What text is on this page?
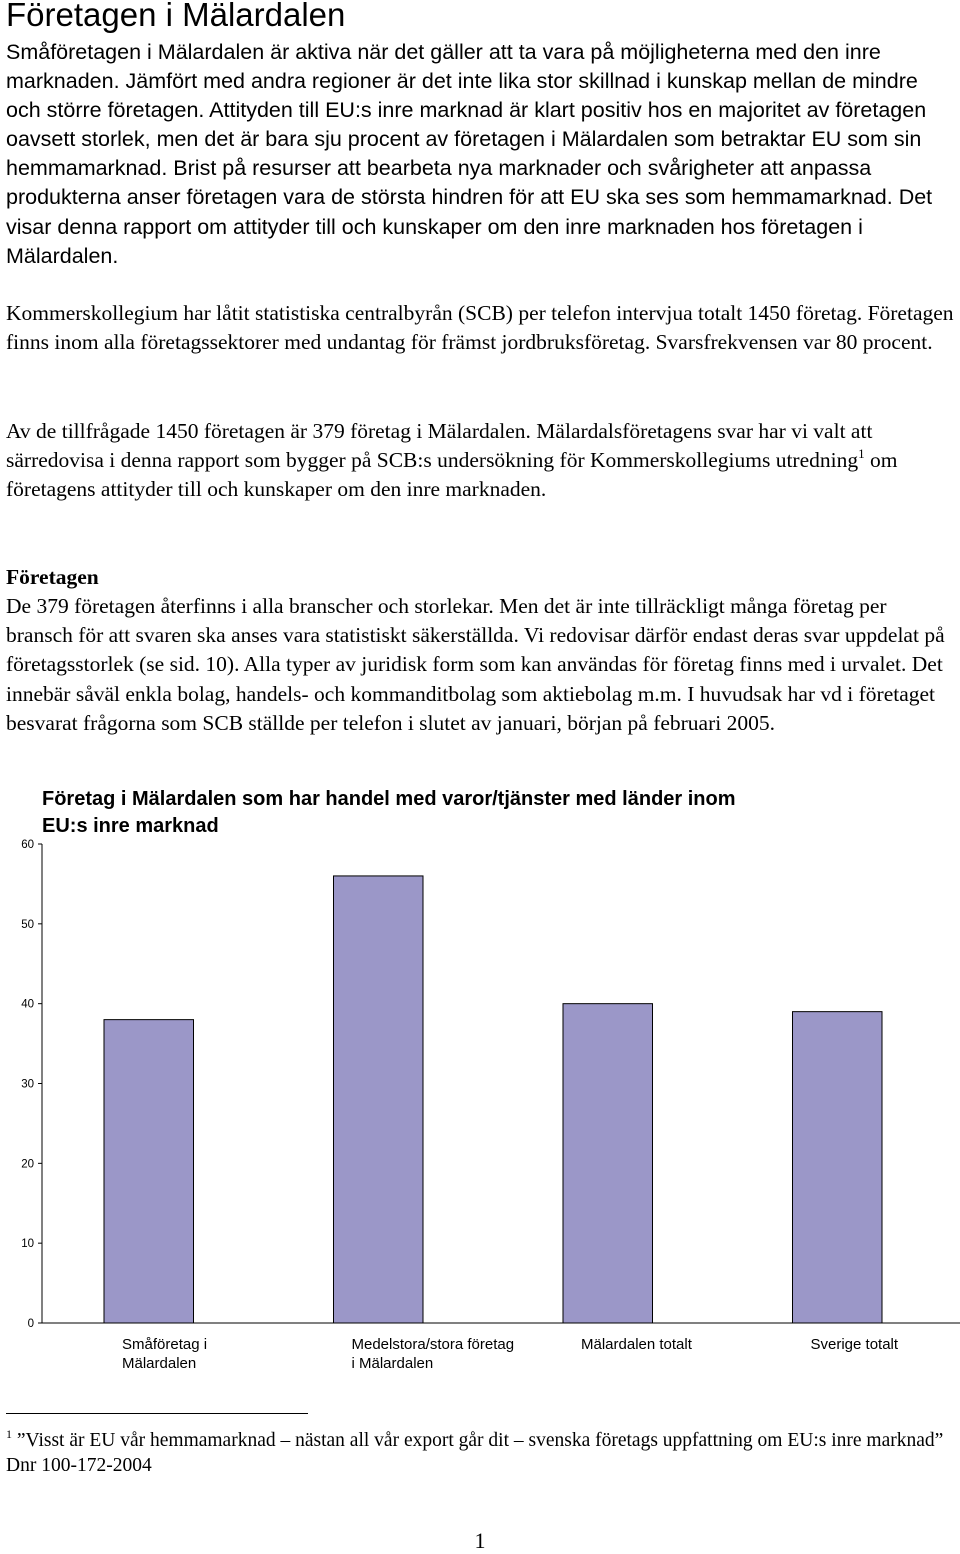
Företagen i Mälardalen

Småföretagen i Mälardalen är aktiva när det gäller att ta vara på möjligheterna med den inre marknaden. Jämfört med andra regioner är det inte lika stor skillnad i kunskap mellan de mindre och större företagen. Attityden till EU:s inre marknad är klart positiv hos en majoritet av företagen oavsett storlek, men det är bara sju procent av företagen i Mälardalen som betraktar EU som sin hemmamarknad. Brist på resurser att bearbeta nya marknader och svårigheter att anpassa produkterna anser företagen vara de största hindren för att EU ska ses som hemmamarknad. Det visar denna rapport om attityder till och kunskaper om den inre marknaden hos företagen i Mälardalen.

Kommerskollegium har låtit statistiska centralbyrån (SCB) per telefon intervjua totalt 1450 företag. Företagen finns inom alla företagssektorer med undantag för främst jordbruksföretag. Svarsfrekvensen var 80 procent.

Av de tillfrågade 1450 företagen är 379 företag i Mälardalen. Mälardalsföretagens svar har vi valt att särredovisa i denna rapport som bygger på SCB:s undersökning för Kommerskollegiums utredning$^1$ om företagens attityder till och kunskaper om den inre marknaden.

Företagen

De 379 företagen återfinns i alla branscher och storlekar. Men det är inte tillräckligt många företag per bransch för att svaren ska anses vara statistiskt säkerställda. Vi redovisar därför endast deras svar uppdelat på företagsstorlek (se sid. 10). Alla typer av juridisk form som kan användas för företag finns med i urvalet. Det innebär såväl enkla bolag, handels- och kommanditbolag som aktiebolag m.m. I huvudsak har vd i företaget besvarat frågorna som SCB ställde per telefon i slutet av januari, början på februari 2005.

Företag i Mälardalen som har handel med varor/tjänster med länder inom EU:s inre marknad
0
10
20
30
40
50
60
Småföretag i Mälardalen
Medelstora/stora företag i Mälardalen
Mälardalen totalt	Sverige totalt

$^1$ ”Visst är EU vår hemmamarknad – nästan all vår export går dit – svenska företags uppfattning om EU:s inre marknad” Dnr 100-172-2004

1
